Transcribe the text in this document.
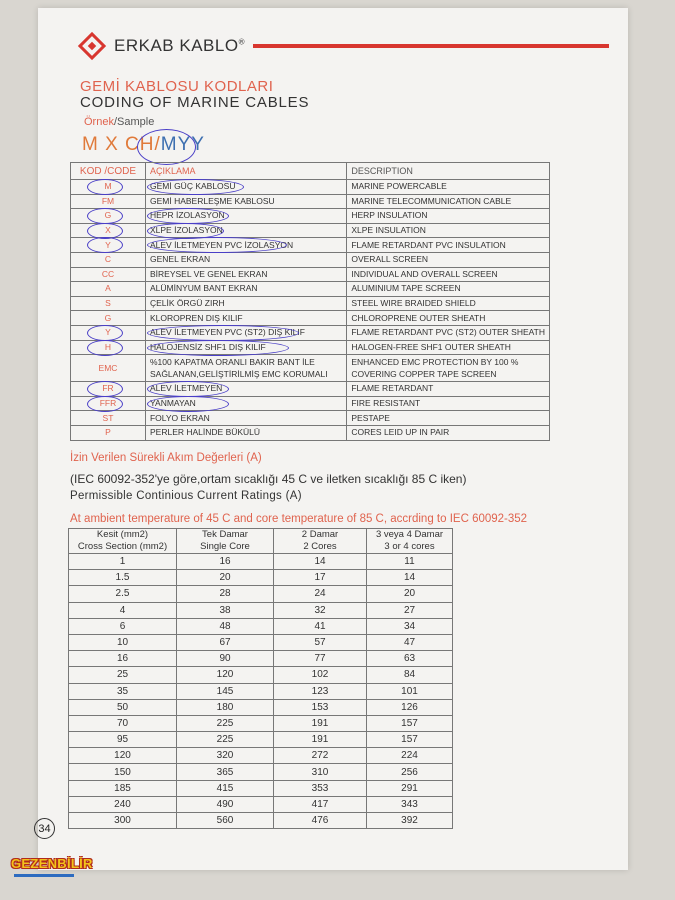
ERKAB KABLO®
GEMİ KABLOSU KODLARI
CODING OF MARINE CABLES
Örnek/Sample
M X CH/MYY
KOD /CODE	AÇIKLAMA	DESCRIPTION
M	GEMİ GÜÇ KABLOSU	MARINE POWERCABLE
FM	GEMİ HABERLEŞME KABLOSU	MARINE TELECOMMUNICATION CABLE
G	HEPR İZOLASYON	HERP INSULATION
X	XLPE İZOLASYON	XLPE INSULATION
Y	ALEV İLETMEYEN PVC İZOLASYON	FLAME RETARDANT PVC INSULATION
C	GENEL EKRAN	OVERALL SCREEN
CC	BİREYSEL VE GENEL EKRAN	INDIVIDUAL AND OVERALL SCREEN
A	ALÜMİNYUM BANT EKRAN	ALUMINIUM TAPE SCREEN
S	ÇELİK ÖRGÜ ZIRH	STEEL WIRE BRAIDED SHIELD
G	KLOROPREN DIŞ KILIF	CHLOROPRENE OUTER SHEATH
Y	ALEV İLETMEYEN PVC (ST2) DIŞ KILIF	FLAME RETARDANT PVC (ST2) OUTER SHEATH
H	HALOJENSİZ SHF1 DIŞ KILIF	HALOGEN-FREE SHF1 OUTER SHEATH
EMC	%100 KAPATMA ORANLI BAKIR BANT İLE SAĞLANAN,GELİŞTİRİLMİŞ EMC KORUMALI	ENHANCED EMC PROTECTION BY 100 % COVERING COPPER TAPE SCREEN
FR	ALEV İLETMEYEN	FLAME RETARDANT
FFR	YANMAYAN	FIRE RESISTANT
ST	FOLYO EKRAN	PESTAPE
P	PERLER HALİNDE BÜKÜLÜ	CORES LEID UP IN PAIR
İzin Verilen Sürekli Akım Değerleri (A)
(IEC 60092-352'ye göre,ortam sıcaklığı 45 C ve iletken sıcaklığı 85 C iken)
Permissible Continious Current Ratings (A)
At ambient temperature of 45 C and core temperature of 85 C, accrding to IEC 60092-352
Kesit (mm2)	Tek Damar	2 Damar	3 veya 4 Damar
Cross Section (mm2)	Single Core	2 Cores	3 or 4 cores
1	16	14	11
1.5	20	17	14
2.5	28	24	20
4	38	32	27
6	48	41	34
10	67	57	47
16	90	77	63
25	120	102	84
35	145	123	101
50	180	153	126
70	225	191	157
95	225	191	157
120	320	272	224
150	365	310	256
185	415	353	291
240	490	417	343
300	560	476	392
34
GEZENBİLİR
